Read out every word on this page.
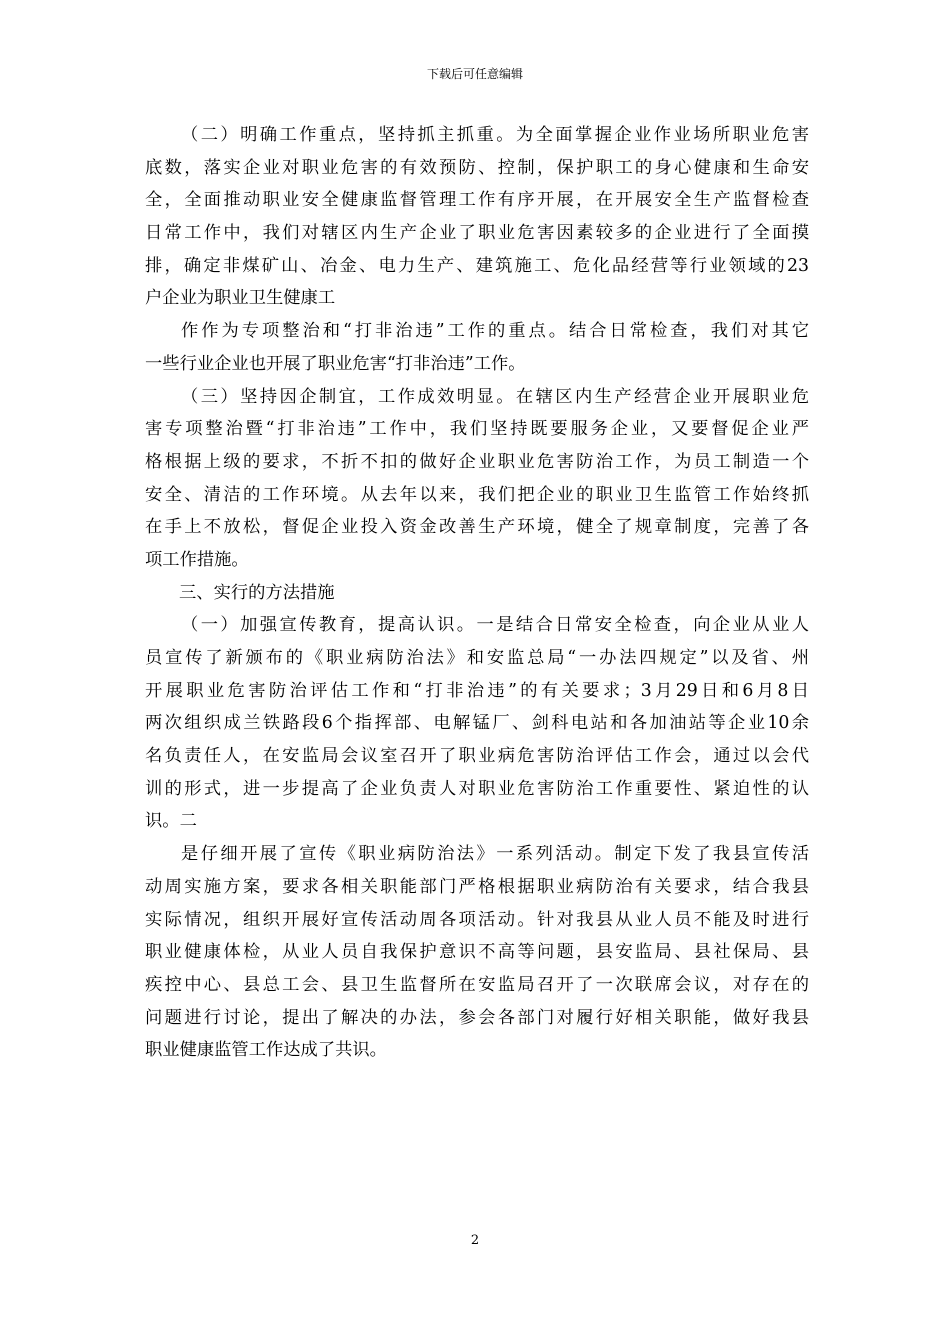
下载后可任意编辑
（二）明确工作重点，坚持抓主抓重。为全面掌握企业作业场所职业危害
底数，落实企业对职业危害的有效预防、控制，保护职工的身心健康和生命安
全，全面推动职业安全健康监督管理工作有序开展，在开展安全生产监督检查
日常工作中，我们对辖区内生产企业了职业危害因素较多的企业进行了全面摸
排，确定非煤矿山、冶金、电力生产、建筑施工、危化品经营等行业领域的23
户企业为职业卫生健康工
作作为专项整治和“打非治违”工作的重点。结合日常检查，我们对其它
一些行业企业也开展了职业危害“打非治违”工作。
（三）坚持因企制宜，工作成效明显。在辖区内生产经营企业开展职业危
害专项整治暨“打非治违”工作中，我们坚持既要服务企业，又要督促企业严
格根据上级的要求，不折不扣的做好企业职业危害防治工作，为员工制造一个
安全、清洁的工作环境。从去年以来，我们把企业的职业卫生监管工作始终抓
在手上不放松，督促企业投入资金改善生产环境，健全了规章制度，完善了各
项工作措施。
三、实行的方法措施
（一）加强宣传教育，提高认识。一是结合日常安全检查，向企业从业人
员宣传了新颁布的《职业病防治法》和安监总局“一办法四规定”以及省、州
开展职业危害防治评估工作和“打非治违”的有关要求；3月29日和6月8日
两次组织成兰铁路段6个指挥部、电解锰厂、剑科电站和各加油站等企业10余
名负责任人，在安监局会议室召开了职业病危害防治评估工作会，通过以会代
训的形式，进一步提高了企业负责人对职业危害防治工作重要性、紧迫性的认
识。二
是仔细开展了宣传《职业病防治法》一系列活动。制定下发了我县宣传活
动周实施方案，要求各相关职能部门严格根据职业病防治有关要求，结合我县
实际情况，组织开展好宣传活动周各项活动。针对我县从业人员不能及时进行
职业健康体检，从业人员自我保护意识不高等问题，县安监局、县社保局、县
疾控中心、县总工会、县卫生监督所在安监局召开了一次联席会议，对存在的
问题进行讨论，提出了解决的办法，参会各部门对履行好相关职能，做好我县
职业健康监管工作达成了共识。
2
